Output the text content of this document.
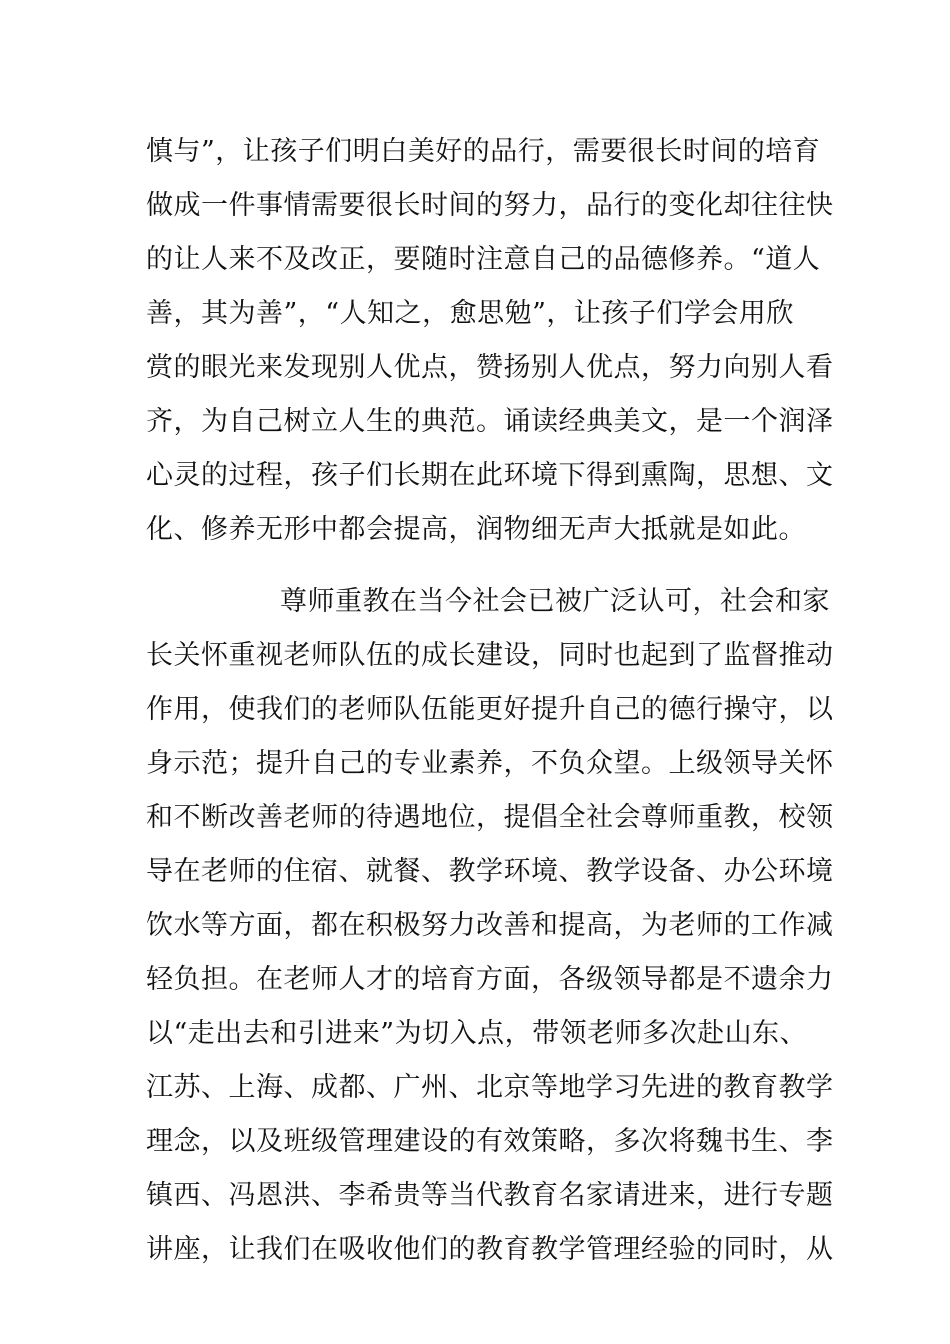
慎与”，让孩子们明白美好的品行，需要很长时间的培育
做成一件事情需要很长时间的努力，品行的变化却往往快
的让人来不及改正，要随时注意自己的品德修养。“道人
善，其为善”，“人知之，愈思勉”，让孩子们学会用欣
赏的眼光来发现别人优点，赞扬别人优点，努力向别人看
齐，为自己树立人生的典范。诵读经典美文，是一个润泽
心灵的过程，孩子们长期在此环境下得到熏陶，思想、文
化、修养无形中都会提高，润物细无声大抵就是如此。
尊师重教在当今社会已被广泛认可，社会和家
长关怀重视老师队伍的成长建设，同时也起到了监督推动
作用，使我们的老师队伍能更好提升自己的德行操守，以
身示范；提升自己的专业素养，不负众望。上级领导关怀
和不断改善老师的待遇地位，提倡全社会尊师重教，校领
导在老师的住宿、就餐、教学环境、教学设备、办公环境
饮水等方面，都在积极努力改善和提高，为老师的工作减
轻负担。在老师人才的培育方面，各级领导都是不遗余力
以“走出去和引进来”为切入点，带领老师多次赴山东、
江苏、上海、成都、广州、北京等地学习先进的教育教学
理念，以及班级管理建设的有效策略，多次将魏书生、李
镇西、冯恩洪、李希贵等当代教育名家请进来，进行专题
讲座，让我们在吸收他们的教育教学管理经验的同时，从
